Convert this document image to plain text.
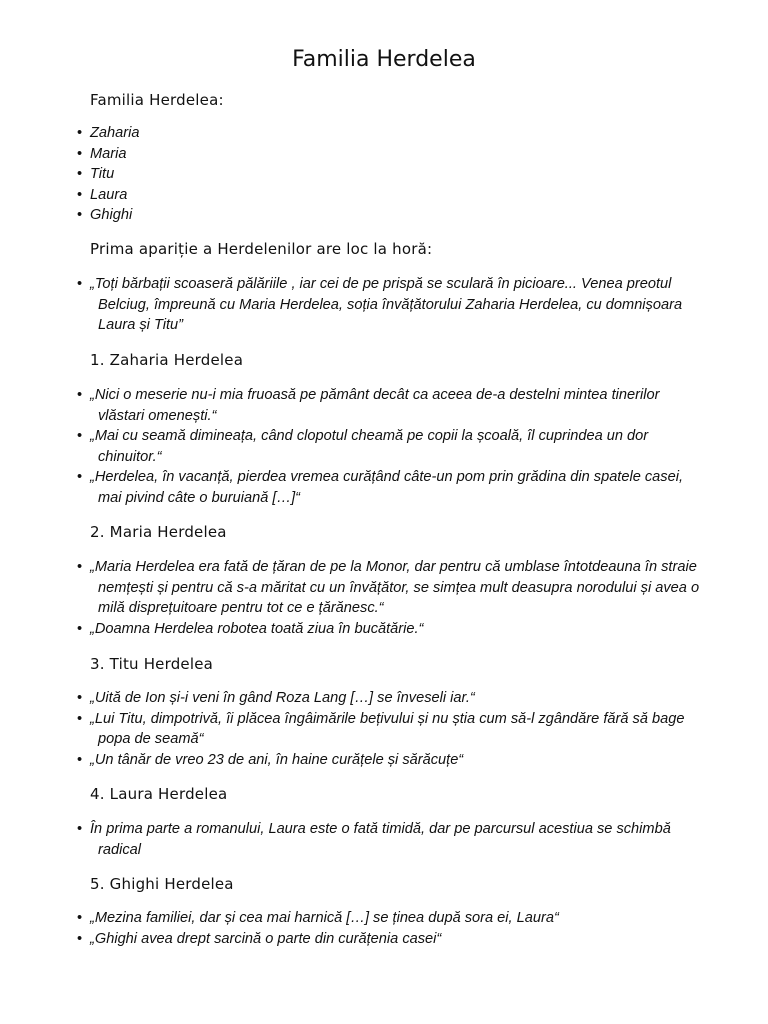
Familia Herdelea

Familia Herdelea:

• Zaharia
• Maria
• Titu
• Laura
• Ghighi

Prima apariție a Herdelenilor are loc la horă:

• „Toți bărbații scoaseră pălăriile , iar cei de pe prispă se sculară în picioare... Venea preotul Belciug, împreună cu Maria Herdelea, soția învățătorului Zaharia Herdelea, cu domnișoara Laura și Titu”

1. Zaharia Herdelea

• „Nici o meserie nu-i mia fruoasă pe pământ decât ca aceea de-a destelni mintea tinerilor vlăstari omenești.“
• „Mai cu seamă dimineața, când clopotul cheamă pe copii la școală, îl cuprindea un dor chinuitor.“
• „Herdelea, în vacanță, pierdea vremea curățând câte-un pom prin grădina din spatele casei, mai pivind câte o buruiană […]“

2. Maria Herdelea

• „Maria Herdelea era fată de țăran de pe la Monor, dar pentru că umblase întotdeauna în straie nemțești și pentru că s-a măritat cu un învățător, se simțea mult deasupra norodului și avea o milă disprețuitoare pentru tot ce e țărănesc.“
• „Doamna Herdelea robotea toată ziua în bucătărie.“

3. Titu Herdelea

• „Uită de Ion și-i veni în gând Roza Lang […] se înveseli iar.“
• „Lui Titu, dimpotrivă, îi plăcea îngâimările bețivului și nu știa cum să-l zgândăre fără să bage popa de seamă“
• „Un tânăr de vreo 23 de ani, în haine curățele și sărăcuțe“

4. Laura Herdelea

• În prima parte a romanului, Laura este o fată timidă, dar pe parcursul acestiua se schimbă radical

5. Ghighi Herdelea

• „Mezina familiei, dar și cea mai harnică […] se ținea după sora ei, Laura“
• „Ghighi avea drept sarcină o parte din curățenia casei“
